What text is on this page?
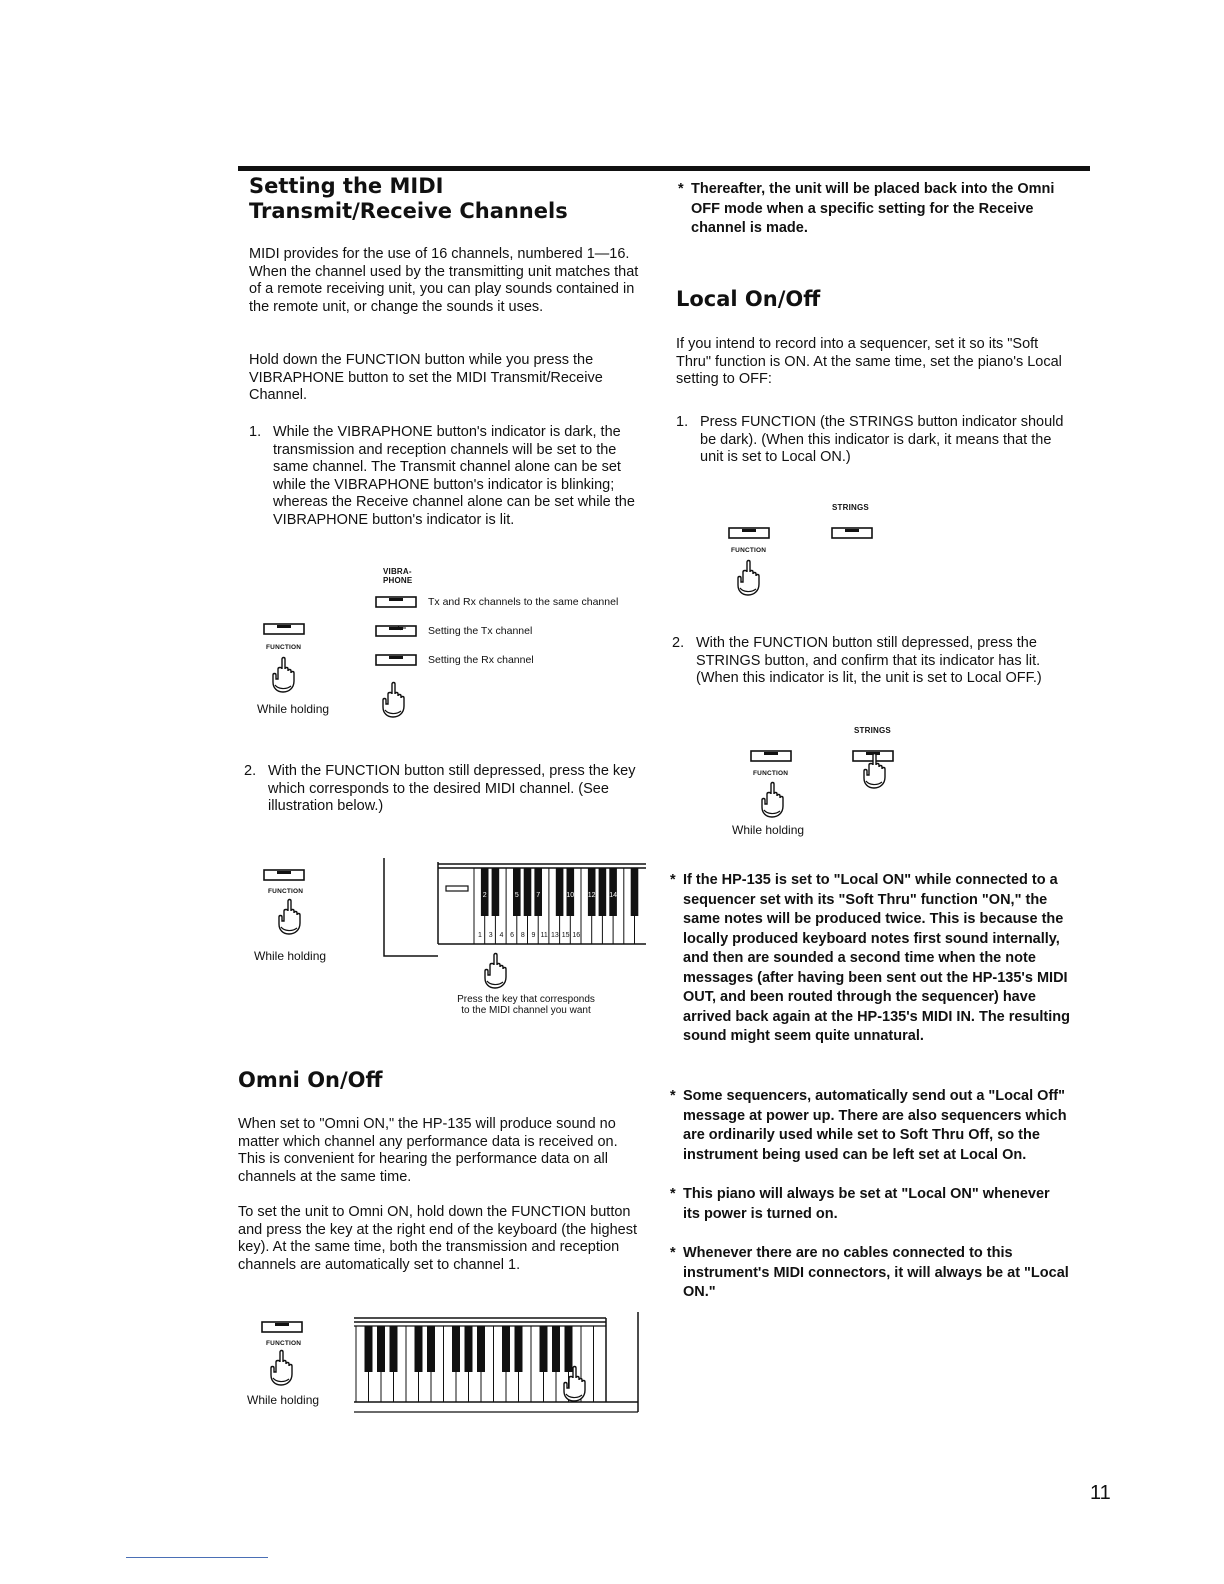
Setting the MIDI Transmit/Receive Channels

MIDI provides for the use of 16 channels, numbered 1—16. When the channel used by the transmitting unit matches that of a remote receiving unit, you can play sounds contained in the remote unit, or change the sounds it uses.

Hold down the FUNCTION button while you press the VIBRAPHONE button to set the MIDI Transmit/Receive Channel.

1. While the VIBRAPHONE button's indicator is dark, the transmission and reception channels will be set to the same channel. The Transmit channel alone can be set while the VIBRAPHONE button's indicator is blinking; whereas the Receive channel alone can be set while the VIBRAPHONE button's indicator is lit.
VIBRA-PHONE
Tx and Rx channels to the same channel
Setting the Tx channel
Setting the Rx channel
FUNCTION
While holding
2. With the FUNCTION button still depressed, press the key which corresponds to the desired MIDI channel. (See illustration below.)
FUNCTION
While holding
1 3 4 6 8 9 11 13 15 16
2	5 7	10 12 14
Press the key that corresponds
to the MIDI channel you want
Omni On/Off

When set to "Omni ON," the HP-135 will produce sound no matter which channel any performance data is received on. This is convenient for hearing the performance data on all channels at the same time.

To set the unit to Omni ON, hold down the FUNCTION button and press the key at the right end of the keyboard (the highest key). At the same time, both the transmission and reception channels are automatically set to channel 1.

FUNCTION
While holding
* Thereafter, the unit will be placed back into the Omni OFF mode when a specific setting for the Receive channel is made.
Local On/Off

If you intend to record into a sequencer, set it so its "Soft Thru" function is ON. At the same time, set the piano's Local setting to OFF:

1. Press FUNCTION (the STRINGS button indicator should be dark). (When this indicator is dark, it means that the unit is set to Local ON.)
STRINGS
FUNCTION
2. With the FUNCTION button still depressed, press the STRINGS button, and confirm that its indicator has lit. (When this indicator is lit, the unit is set to Local OFF.)
STRINGS
FUNCTION
While holding
* If the HP-135 is set to "Local ON" while connected to a sequencer set with its "Soft Thru" function "ON," the same notes will be produced twice. This is because the locally produced keyboard notes first sound internally, and then are sounded a second time when the note messages (after having been sent out the HP-135's MIDI OUT, and been routed through the sequencer) have arrived back again at the HP-135's MIDI IN. The resulting sound might seem quite unnatural.
* Some sequencers, automatically send out a "Local Off" message at power up. There are also sequencers which are ordinarily used while set to Soft Thru Off, so the instrument being used can be left set at Local On.
* This piano will always be set at "Local ON" whenever its power is turned on.
* Whenever there are no cables connected to this instrument's MIDI connectors, it will always be at "Local ON."
11
